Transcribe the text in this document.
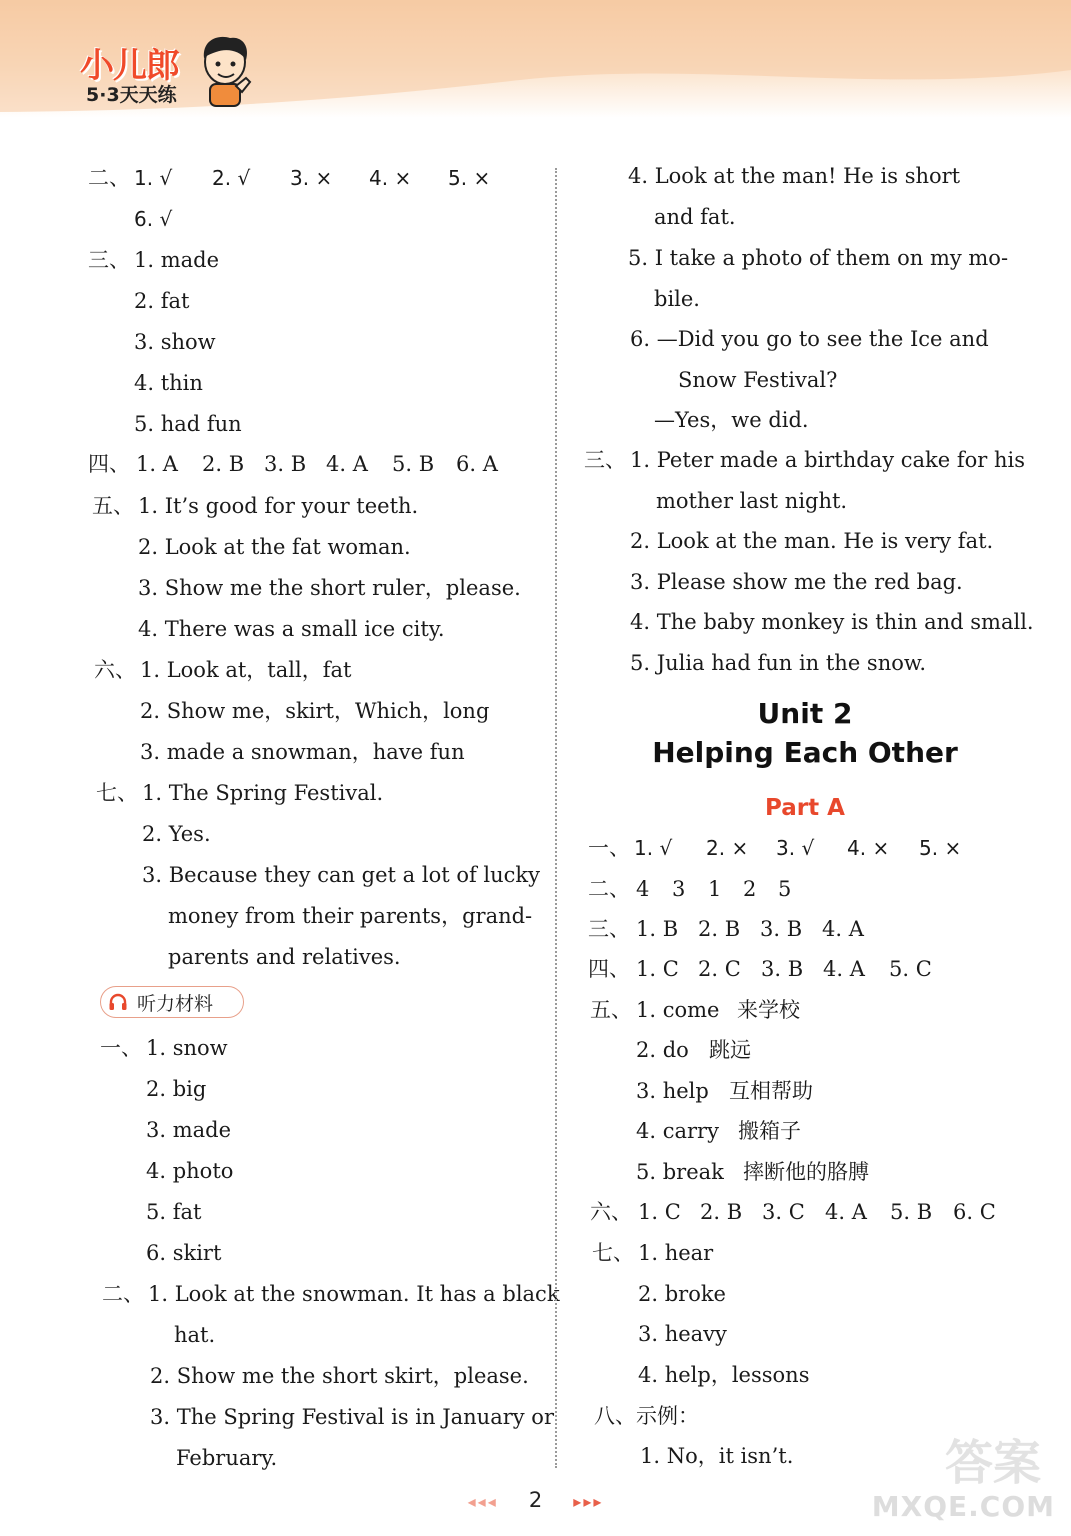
小儿郎
5·3天天练
二、 1. √ 2. √ 3. × 4. × 5. ×
6. √
三、 1. made
2. fat
3. show
4. thin
5. had fun
四、 1. A 2. B 3. B 4. A 5. B 6. A
五、 1. It’s good for your teeth.
2. Look at the fat woman.
3. Show me the short ruler，please.
4. There was a small ice city.
六、 1. Look at，tall，fat
2. Show me，skirt，Which，long
3. made a snowman，have fun
七、 1. The Spring Festival.
2. Yes.
3. Because they can get a lot of lucky
money from their parents，grand-
parents and relatives.
听力材料
一、 1. snow
2. big
3. made
4. photo
5. fat
6. skirt
二、 1. Look at the snowman. It has a black
hat.
2. Show me the short skirt，please.
3. The Spring Festival is in January or
February.
4. Look at the man! He is short
and fat.
5. I take a photo of them on my mo-
bile.
6. —Did you go to see the Ice and
Snow Festival?
—Yes，we did.
三、 1. Peter made a birthday cake for his
mother last night.
2. Look at the man. He is very fat.
3. Please show me the red bag.
4. The baby monkey is thin and small.
5. Julia had fun in the snow.
Unit 2
Helping Each Other
Part A
一、 1. √ 2. × 3. √ 4. × 5. ×
二、 4 3 1 2 5
三、 1. B 2. B 3. B 4. A
四、 1. C 2. C 3. B 4. A 5. C
五、 1. come 来学校
2. do 跳远
3. help 互相帮助
4. carry 搬箱子
5. break 摔断他的胳膊
六、 1. C 2. B 3. C 4. A 5. B 6. C
七、 1. hear
2. broke
3. heavy
4. help，lessons
八、示例：
1. No，it isn’t.
◂◂◂ 2 ▸▸▸
答案
MXQE.COM
